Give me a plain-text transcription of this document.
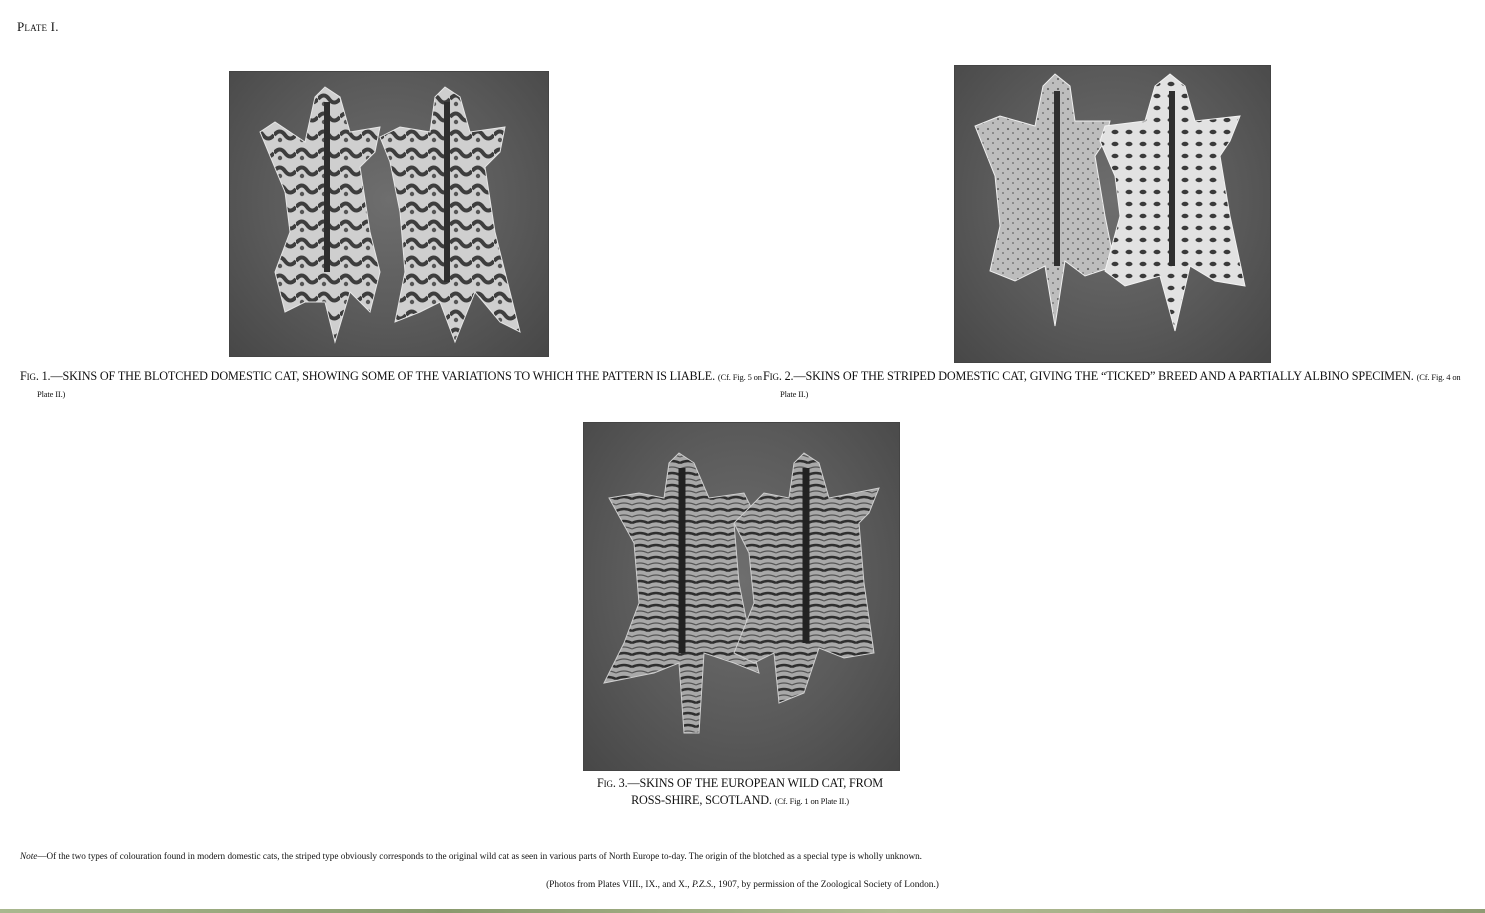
Plate I.
Fig. 1.—SKINS OF THE BLOTCHED DOMESTIC CAT, SHOWING SOME OF THE VARIATIONS TO WHICH THE PATTERN IS LIABLE. (Cf. Fig. 5 on
Plate II.)
Fig. 2.—SKINS OF THE STRIPED DOMESTIC CAT, GIVING THE “TICKED” BREED AND A PARTIALLY ALBINO SPECIMEN. (Cf. Fig. 4 on
Plate II.)
Fig. 3.—SKINS OF THE EUROPEAN WILD CAT, FROM
ROSS-SHIRE, SCOTLAND. (Cf. Fig. 1 on Plate II.)
Note—Of the two types of colouration found in modern domestic cats, the striped type obviously corresponds to the original wild cat as seen in various parts of North Europe to-day. The origin of the blotched as a special type is wholly unknown.
(Photos from Plates VIII., IX., and X., P.Z.S., 1907, by permission of the Zoological Society of London.)
